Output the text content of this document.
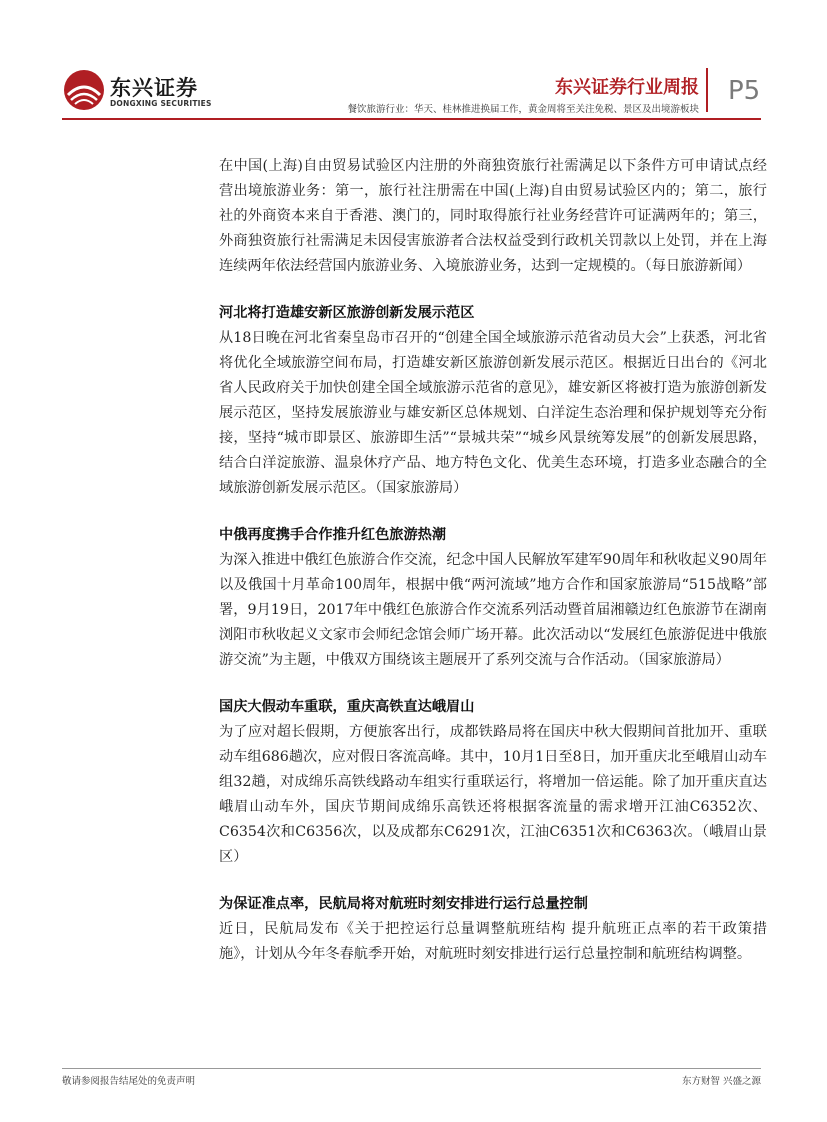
东兴证券
DONGXING SECURITIES
东兴证券行业周报
餐饮旅游行业：华天、桂林推进换届工作，黄金周将至关注免税、景区及出境游板块
P5

在中国(上海)自由贸易试验区内注册的外商独资旅行社需满足以下条件方可申请试点经营出境旅游业务：第一，旅行社注册需在中国(上海)自由贸易试验区内的；第二，旅行社的外商资本来自于香港、澳门的，同时取得旅行社业务经营许可证满两年的；第三，外商独资旅行社需满足未因侵害旅游者合法权益受到行政机关罚款以上处罚，并在上海连续两年依法经营国内旅游业务、入境旅游业务，达到一定规模的。（每日旅游新闻）

河北将打造雄安新区旅游创新发展示范区

从18日晚在河北省秦皇岛市召开的“创建全国全域旅游示范省动员大会”上获悉，河北省将优化全域旅游空间布局，打造雄安新区旅游创新发展示范区。根据近日出台的《河北省人民政府关于加快创建全国全域旅游示范省的意见》，雄安新区将被打造为旅游创新发展示范区，坚持发展旅游业与雄安新区总体规划、白洋淀生态治理和保护规划等充分衔接，坚持“城市即景区、旅游即生活”“景城共荣”“城乡风景统筹发展”的创新发展思路，结合白洋淀旅游、温泉休疗产品、地方特色文化、优美生态环境，打造多业态融合的全域旅游创新发展示范区。（国家旅游局）

中俄再度携手合作推升红色旅游热潮

为深入推进中俄红色旅游合作交流，纪念中国人民解放军建军90周年和秋收起义90周年以及俄国十月革命100周年，根据中俄“两河流域”地方合作和国家旅游局“515战略”部署，9月19日，2017年中俄红色旅游合作交流系列活动暨首届湘赣边红色旅游节在湖南浏阳市秋收起义文家市会师纪念馆会师广场开幕。此次活动以“发展红色旅游促进中俄旅游交流”为主题，中俄双方围绕该主题展开了系列交流与合作活动。（国家旅游局）

国庆大假动车重联，重庆高铁直达峨眉山

为了应对超长假期，方便旅客出行，成都铁路局将在国庆中秋大假期间首批加开、重联动车组686趟次，应对假日客流高峰。其中，10月1日至8日，加开重庆北至峨眉山动车组32趟，对成绵乐高铁线路动车组实行重联运行，将增加一倍运能。除了加开重庆直达峨眉山动车外，国庆节期间成绵乐高铁还将根据客流量的需求增开江油C6352次、C6354次和C6356次，以及成都东C6291次，江油C6351次和C6363次。（峨眉山景区）

为保证准点率，民航局将对航班时刻安排进行运行总量控制

近日，民航局发布《关于把控运行总量调整航班结构 提升航班正点率的若干政策措施》，计划从今年冬春航季开始，对航班时刻安排进行运行总量控制和航班结构调整。

敬请参阅报告结尾处的免责声明	东方财智 兴盛之源
